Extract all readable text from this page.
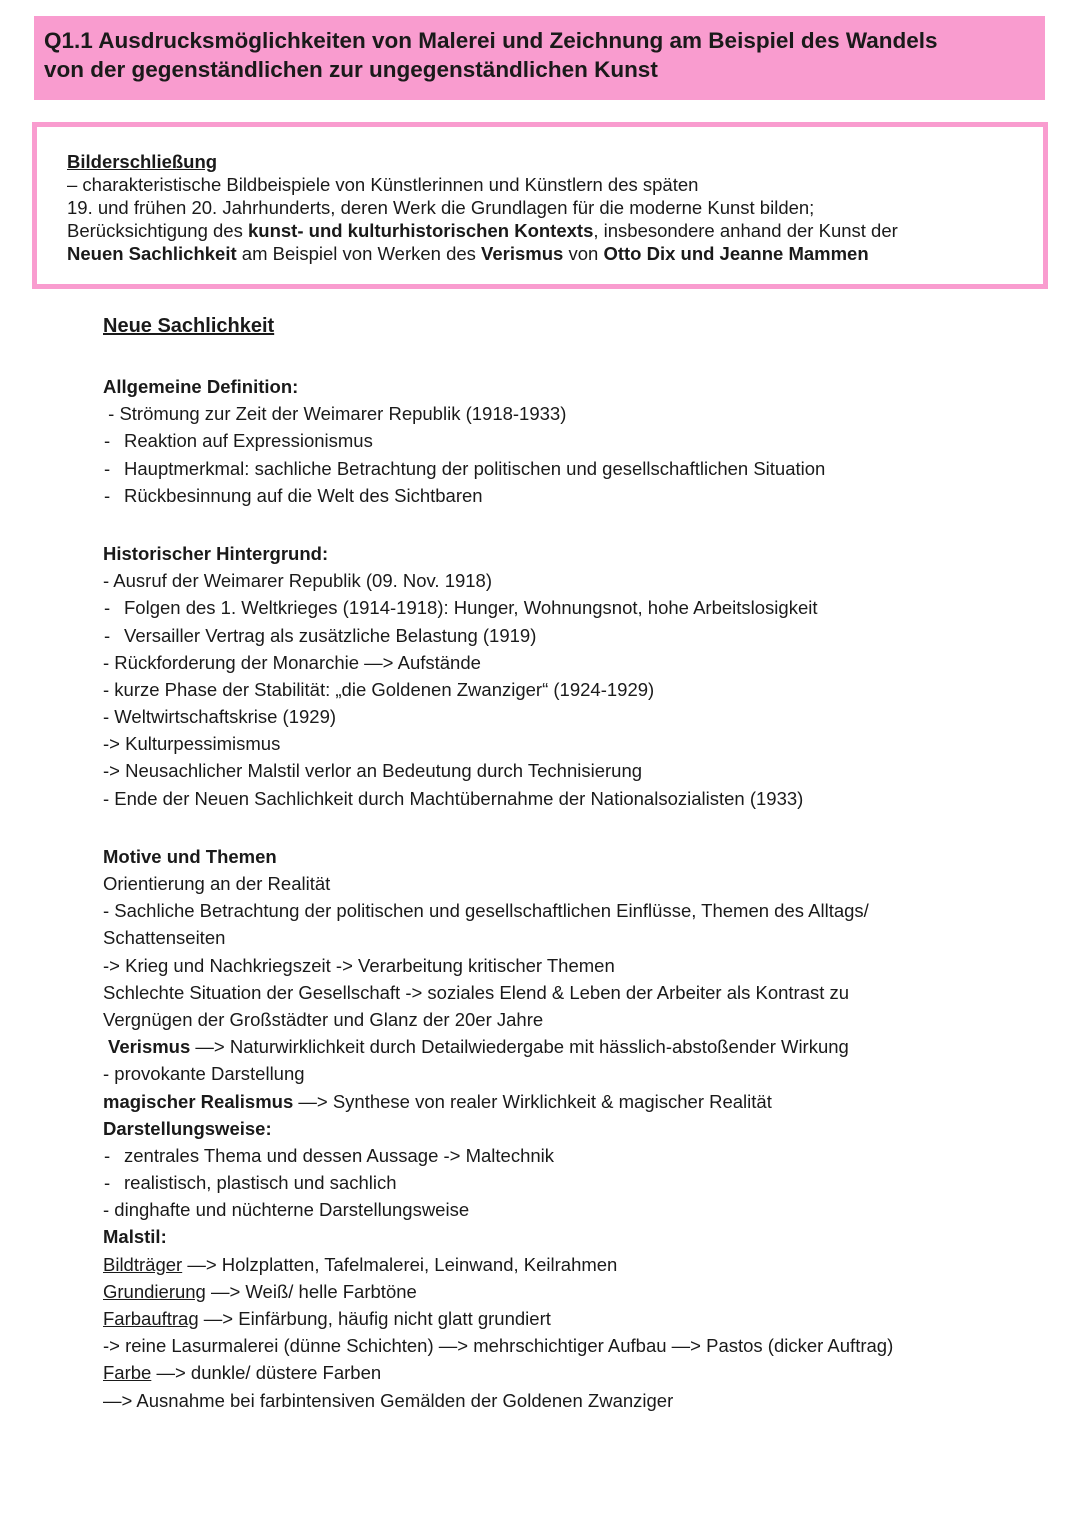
Q1.1 Ausdrucksmöglichkeiten von Malerei und Zeichnung am Beispiel des Wandels
von der gegenständlichen zur ungegenständlichen Kunst
Bilderschließung
– charakteristische Bildbeispiele von Künstlerinnen und Künstlern des späten
19. und frühen 20. Jahrhunderts, deren Werk die Grundlagen für die moderne Kunst bilden;
Berücksichtigung des kunst- und kulturhistorischen Kontexts, insbesondere anhand der Kunst der
Neuen Sachlichkeit am Beispiel von Werken des Verismus von Otto Dix und Jeanne Mammen
Neue Sachlichkeit
Allgemeine Definition:
- Strömung zur Zeit der Weimarer Republik (1918-1933)
- Reaktion auf Expressionismus
- Hauptmerkmal: sachliche Betrachtung der politischen und gesellschaftlichen Situation
- Rückbesinnung auf die Welt des Sichtbaren
Historischer Hintergrund:
- Ausruf der Weimarer Republik (09. Nov. 1918)
- Folgen des 1. Weltkrieges (1914-1918): Hunger, Wohnungsnot, hohe Arbeitslosigkeit
- Versailler Vertrag als zusätzliche Belastung (1919)
- Rückforderung der Monarchie —> Aufstände
- kurze Phase der Stabilität: „die Goldenen Zwanziger“ (1924-1929)
- Weltwirtschaftskrise (1929)
-> Kulturpessimismus
-> Neusachlicher Malstil verlor an Bedeutung durch Technisierung
- Ende der Neuen Sachlichkeit durch Machtübernahme der Nationalsozialisten (1933)
Motive und Themen
Orientierung an der Realität
- Sachliche Betrachtung der politischen und gesellschaftlichen Einflüsse, Themen des Alltags/
Schattenseiten
-> Krieg und Nachkriegszeit -> Verarbeitung kritischer Themen
Schlechte Situation der Gesellschaft -> soziales Elend & Leben der Arbeiter als Kontrast zu
Vergnügen der Großstädter und Glanz der 20er Jahre
Verismus —> Naturwirklichkeit durch Detailwiedergabe mit hässlich-abstoßender Wirkung
- provokante Darstellung
magischer Realismus —> Synthese von realer Wirklichkeit & magischer Realität
Darstellungsweise:
- zentrales Thema und dessen Aussage -> Maltechnik
- realistisch, plastisch und sachlich
- dinghafte und nüchterne Darstellungsweise
Malstil:
Bildträger —> Holzplatten, Tafelmalerei, Leinwand, Keilrahmen
Grundierung —> Weiß/ helle Farbtöne
Farbauftrag —> Einfärbung, häufig nicht glatt grundiert
-> reine Lasurmalerei (dünne Schichten) —> mehrschichtiger Aufbau —> Pastos (dicker Auftrag)
Farbe —> dunkle/ düstere Farben
—> Ausnahme bei farbintensiven Gemälden der Goldenen Zwanziger
